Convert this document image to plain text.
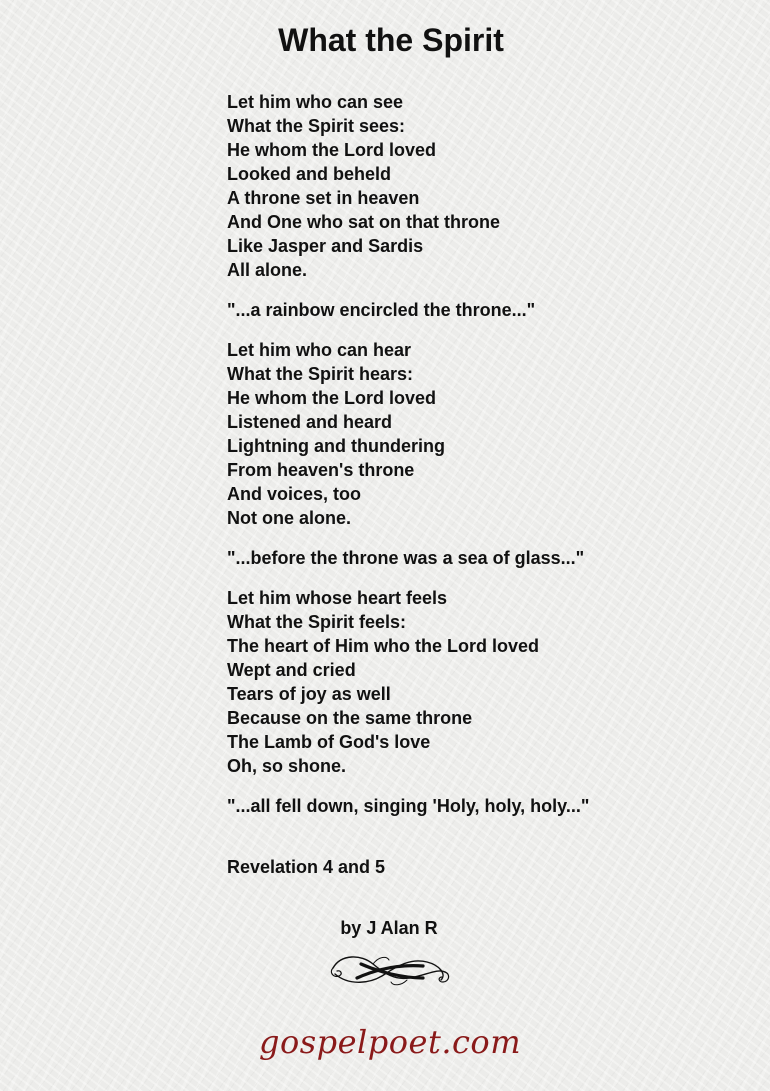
What the Spirit
Let him who can see
What the Spirit sees:
He whom the Lord loved
Looked and beheld
A throne set in heaven
And One who sat on that throne
Like Jasper and Sardis
All alone.
"...a rainbow encircled the throne..."
Let him who can hear
What the Spirit hears:
He whom the Lord loved
Listened and heard
Lightning and thundering
From heaven's throne
And voices, too
Not one alone.
"...before the throne was a sea of glass..."
Let him whose heart feels
What the Spirit feels:
The heart of Him who the Lord loved
Wept and cried
Tears of joy as well
Because on the same throne
The Lamb of God's love
Oh, so shone.
"...all fell down, singing 'Holy, holy, holy..."
Revelation 4 and 5
by J Alan R
gospelpoet.com
